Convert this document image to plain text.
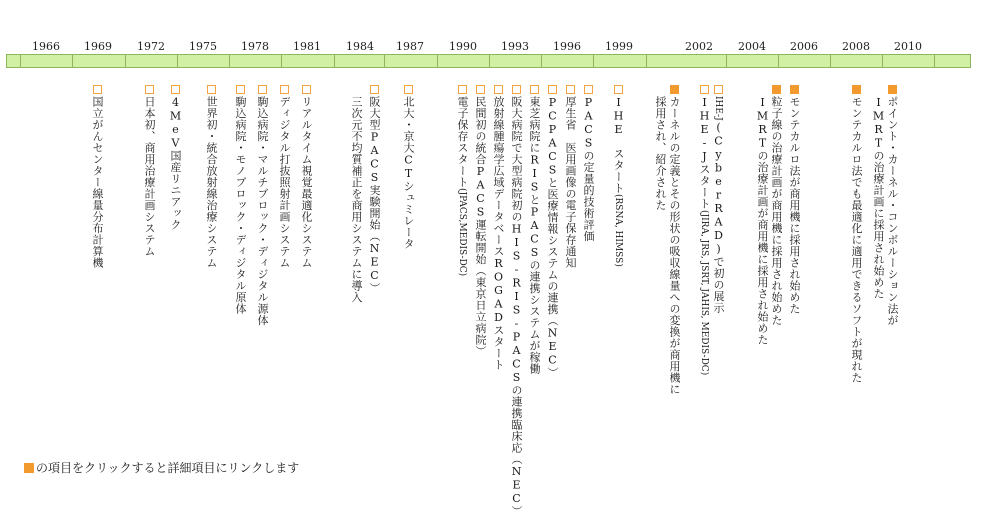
1966 1969 1972 1975 1978 1981 1984 1987 1990 1993 1996 1999	2002 2004 2006 2008 2010
国立がんセンター線量分布計算機	日本初、商用治療計画システム 4MeV国産リニアック 世界初・統合放射線治療システム 駒込病院・モノブロック・ディジタル原体 駒込病院・マルチブロック・ディジタル源体 ディジタル打抜照射計画システム リアルタイム視覚最適化システム	三次元不均質補正を商用システムに導入 阪大型PACS実験開始（NEC） 北大・京大CTシュミレータ	電子保存スタート
(JPACS,MEDIS-DC) 民間初の統合PACS運転開始（東京日立病院） 放射線腫瘍学広域データベースROGADスタート 阪大病院で大型病院初のHIS-RIS-PACSの連携臨床応（NEC） 東芝病院にRISとPACSの連携システムが稼働 PCPACSと医療情報システムの連携（NEC） 厚生省　医用画像の電子保存通知 PACSの定量的技術評価 IHE　スタート
(RSNA, HIMSS)	カーネルの定義とその形状の吸収線量への変換が商用機に
採用され、紹介された	IHE-J
(CyberRAD)で初の展示
IHE-Jスタート
(JIRA, JRS, JSRT, JAHIS, MEDIS-DC)	粒子線の治療計画が商用機に採用され始めた
IMRTの治療計画が商用機に採用され始めた モンテカルロ法が商用機に採用され始めた	モンテカルロ法でも最適化に適用できるソフトが現れた ポイント・カーネル・コンボルーション法が
IMRTの治療計画に採用され始めた
の項目をクリックすると詳細項目にリンクします
